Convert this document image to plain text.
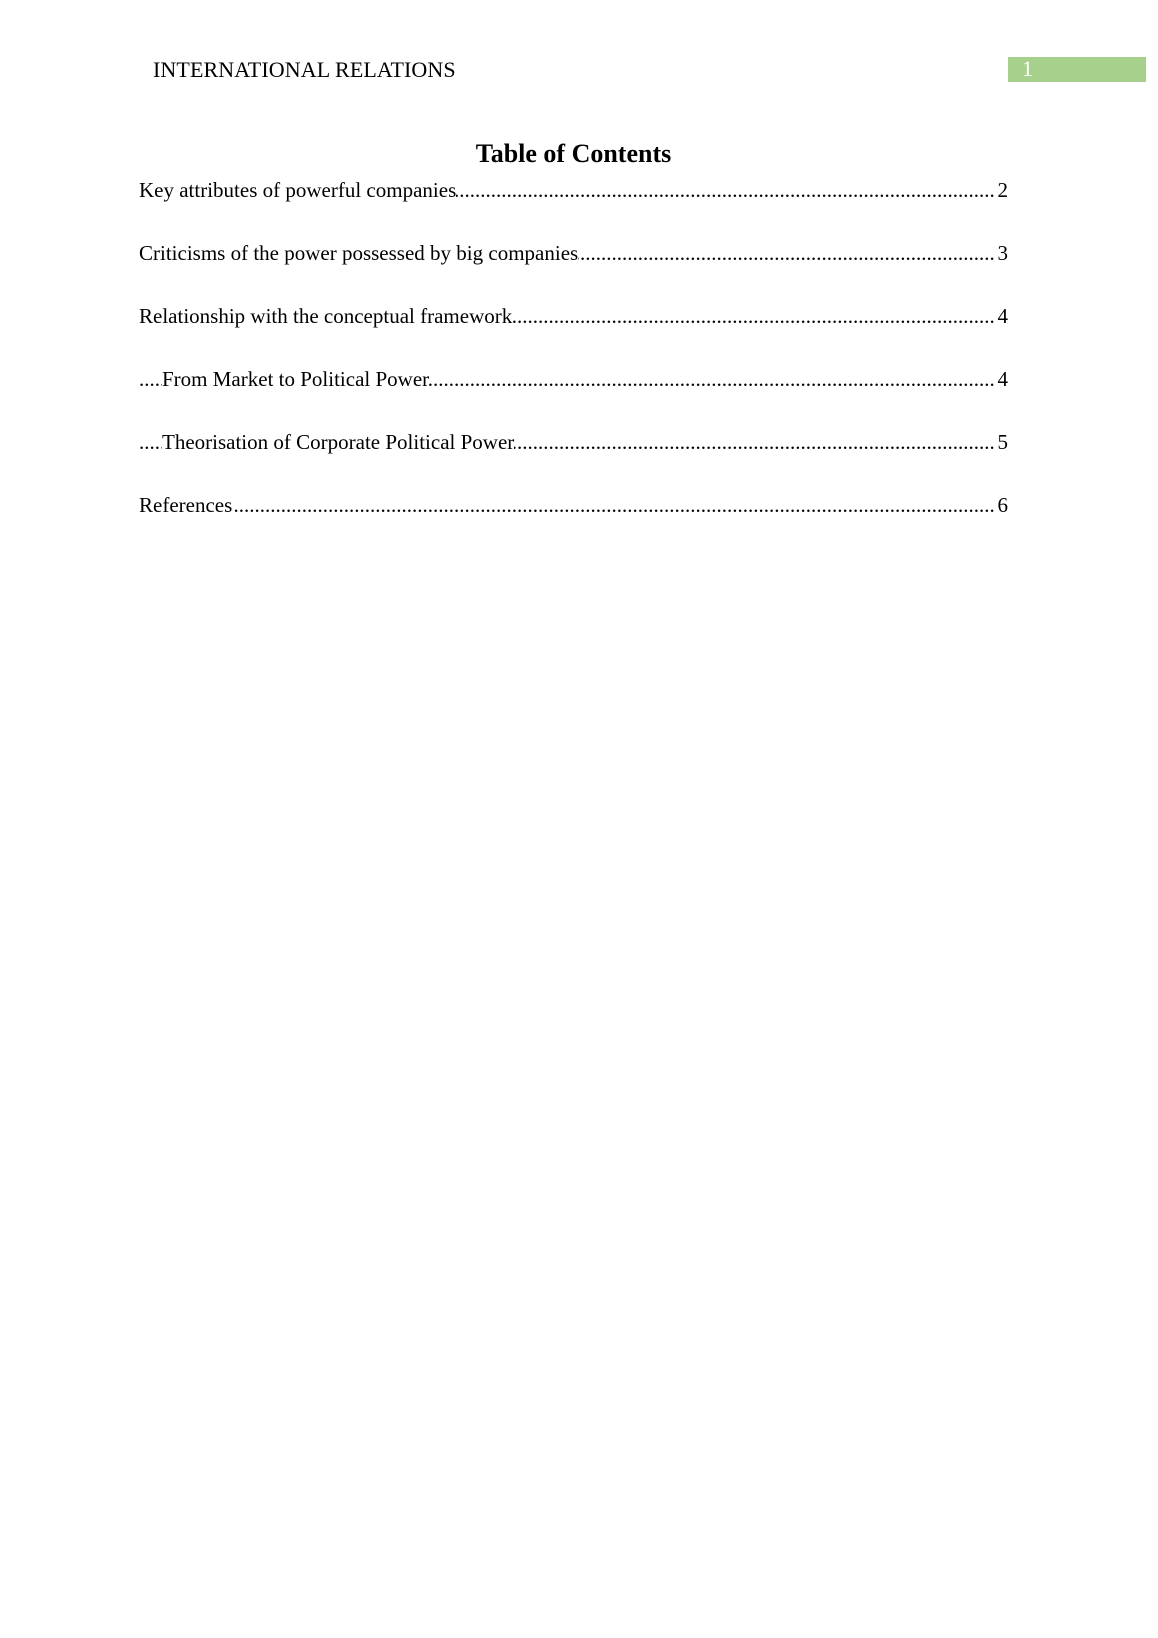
INTERNATIONAL RELATIONS	1
Table of Contents
.....
Key attributes of powerful companies	2
.....
Criticisms of the power possessed by big companies	3
.....
Relationship with the conceptual framework	4
.....
From Market to Political Power	4
.....
Theorisation of Corporate Political Power	5
.....
References	6
